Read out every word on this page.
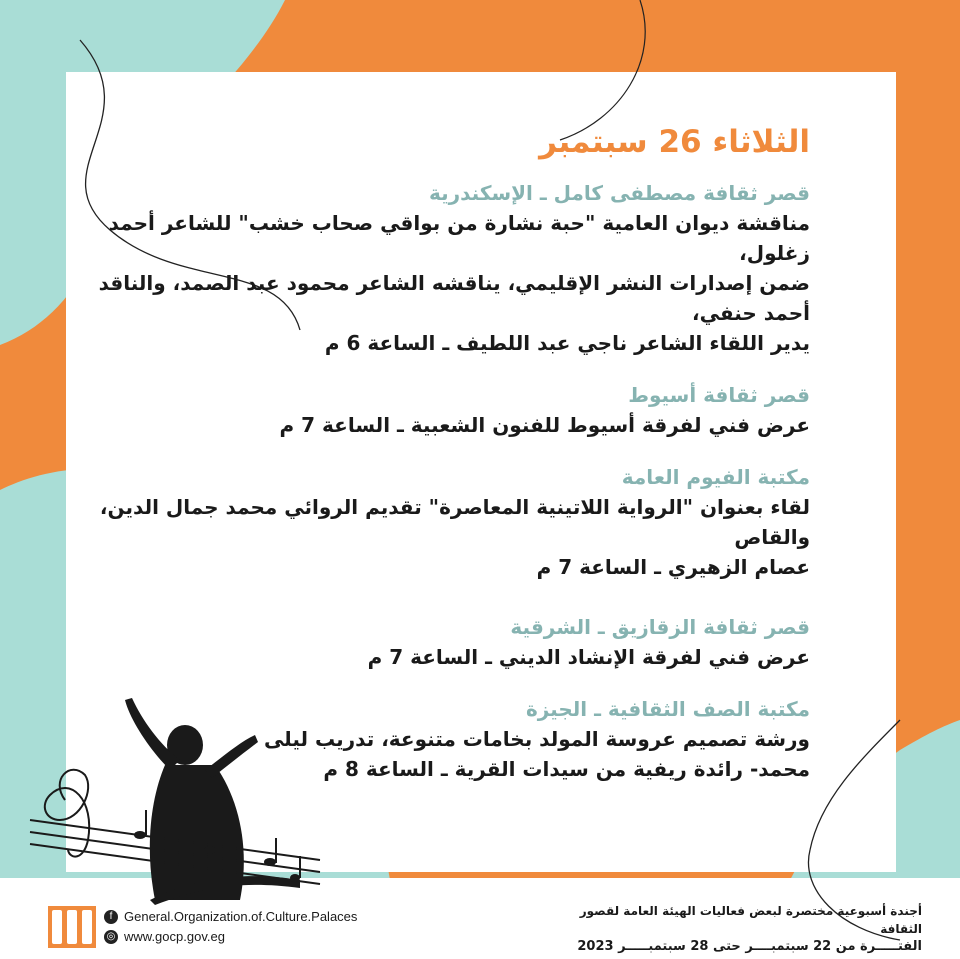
الثلاثاء 26 سبتمبر
قصر ثقافة مصطفى كامل ـ الإسكندرية
مناقشة ديوان العامية "حبة نشارة من بواقي صحاب خشب" للشاعر أحمد زغلول،
ضمن إصدارات النشر الإقليمي، يناقشه الشاعر محمود عبد الصمد، والناقد أحمد حنفي،
يدير اللقاء الشاعر ناجي عبد اللطيف ـ الساعة 6 م
قصر ثقافة أسيوط
عرض فني لفرقة أسيوط للفنون الشعبية ـ الساعة 7 م
مكتبة الفيوم العامة
لقاء بعنوان "الرواية اللاتينية المعاصرة" تقديم الروائي محمد جمال الدين، والقاص
عصام الزهيري ـ الساعة 7 م
قصر ثقافة الزقازيق ـ الشرقية
عرض فني لفرقة الإنشاد الديني ـ الساعة 7 م
مكتبة الصف الثقافية ـ الجيزة
ورشة تصميم عروسة المولد بخامات متنوعة، تدريب ليلى
محمد- رائدة ريفية من سيدات القرية ـ الساعة 8 م
f General.Organization.of.Culture.Palaces
◎ www.gocp.gov.eg
أجندة أسبوعية مختصرة لبعض فعاليات الهيئة العامة لقصور الثقافة
الفتـــــرة من 22 سبتمبــــر حتى 28 سبتمبـــــر 2023
